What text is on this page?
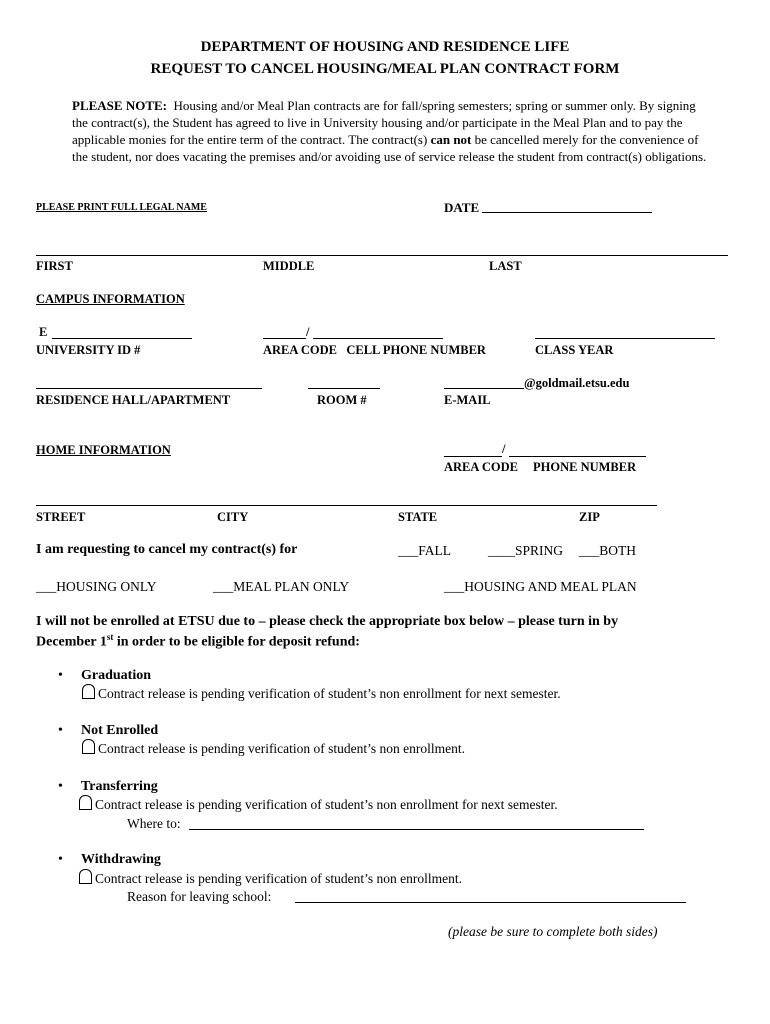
DEPARTMENT OF HOUSING AND RESIDENCE LIFE
REQUEST TO CANCEL HOUSING/MEAL PLAN CONTRACT FORM
PLEASE NOTE: Housing and/or Meal Plan contracts are for fall/spring semesters; spring or summer only. By signing the contract(s), the Student has agreed to live in University housing and/or participate in the Meal Plan and to pay the applicable monies for the entire term of the contract. The contract(s) can not be cancelled merely for the convenience of the student, nor does vacating the premises and/or avoiding use of service release the student from contract(s) obligations.
PLEASE PRINT FULL LEGAL NAME	DATE
FIRST	MIDDLE	LAST
CAMPUS INFORMATION
E	/
UNIVERSITY ID #	AREA CODE   CELL PHONE NUMBER	CLASS YEAR
@goldmail.etsu.edu
RESIDENCE HALL/APARTMENT	ROOM #	E-MAIL
HOME INFORMATION	/
AREA CODE PHONE NUMBER
STREET	CITY	STATE	ZIP
I am requesting to cancel my contract(s) for	___FALL	____SPRING ___BOTH
___HOUSING ONLY	___MEAL PLAN ONLY	___HOUSING AND MEAL PLAN
I will not be enrolled at ETSU due to – please check the appropriate box below – please turn in by
December 1st in order to be eligible for deposit refund:
• Graduation
Contract release is pending verification of student’s non enrollment for next semester.
• Not Enrolled
Contract release is pending verification of student’s non enrollment.
• Transferring
Contract release is pending verification of student’s non enrollment for next semester.
Where to:
• Withdrawing
Contract release is pending verification of student’s non enrollment.
Reason for leaving school:
(please be sure to complete both sides)
